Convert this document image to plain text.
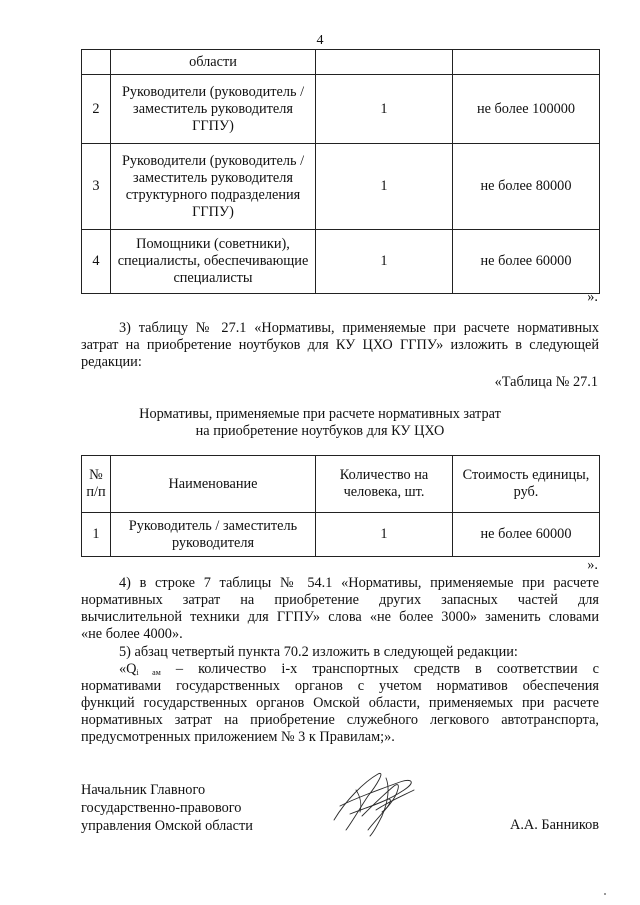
4
	области		
2	Руководители (руководитель / заместитель руководителя ГГПУ)	1	не более 100000
3	Руководители (руководитель / заместитель руководителя структурного подразделения ГГПУ)	1	не более 80000
4	Помощники (советники), специалисты, обеспечивающие специалисты	1	не более 60000
».
3) таблицу № 27.1 «Нормативы, применяемые при расчете нормативных
затрат на приобретение ноутбуков для КУ ЦХО ГГПУ» изложить в следующей
редакции:
«Таблица № 27.1
Нормативы, применяемые при расчете нормативных затрат
на приобретение ноутбуков для КУ ЦХО
№ п/п	Наименование	Количество на человека, шт.	Стоимость единицы, руб.
1	Руководитель / заместитель руководителя	1	не более 60000
».
4) в строке 7 таблицы № 54.1 «Нормативы, применяемые при расчете
нормативных затрат на приобретение других запасных частей для
вычислительной техники для ГГПУ» слова «не более 3000» заменить словами
«не более 4000».
5) абзац четвертый пункта 70.2 изложить в следующей редакции:
«$Q_{i ам}$ – количество i-х транспортных средств в соответствии с
нормативами государственных органов с учетом нормативов обеспечения
функций государственных органов Омской области, применяемых при расчете
нормативных затрат на приобретение служебного легкового автотранспорта,
предусмотренных приложением № 3 к Правилам;».
Начальник Главного
государственно-правового
управления Омской области	А.А. Банников
